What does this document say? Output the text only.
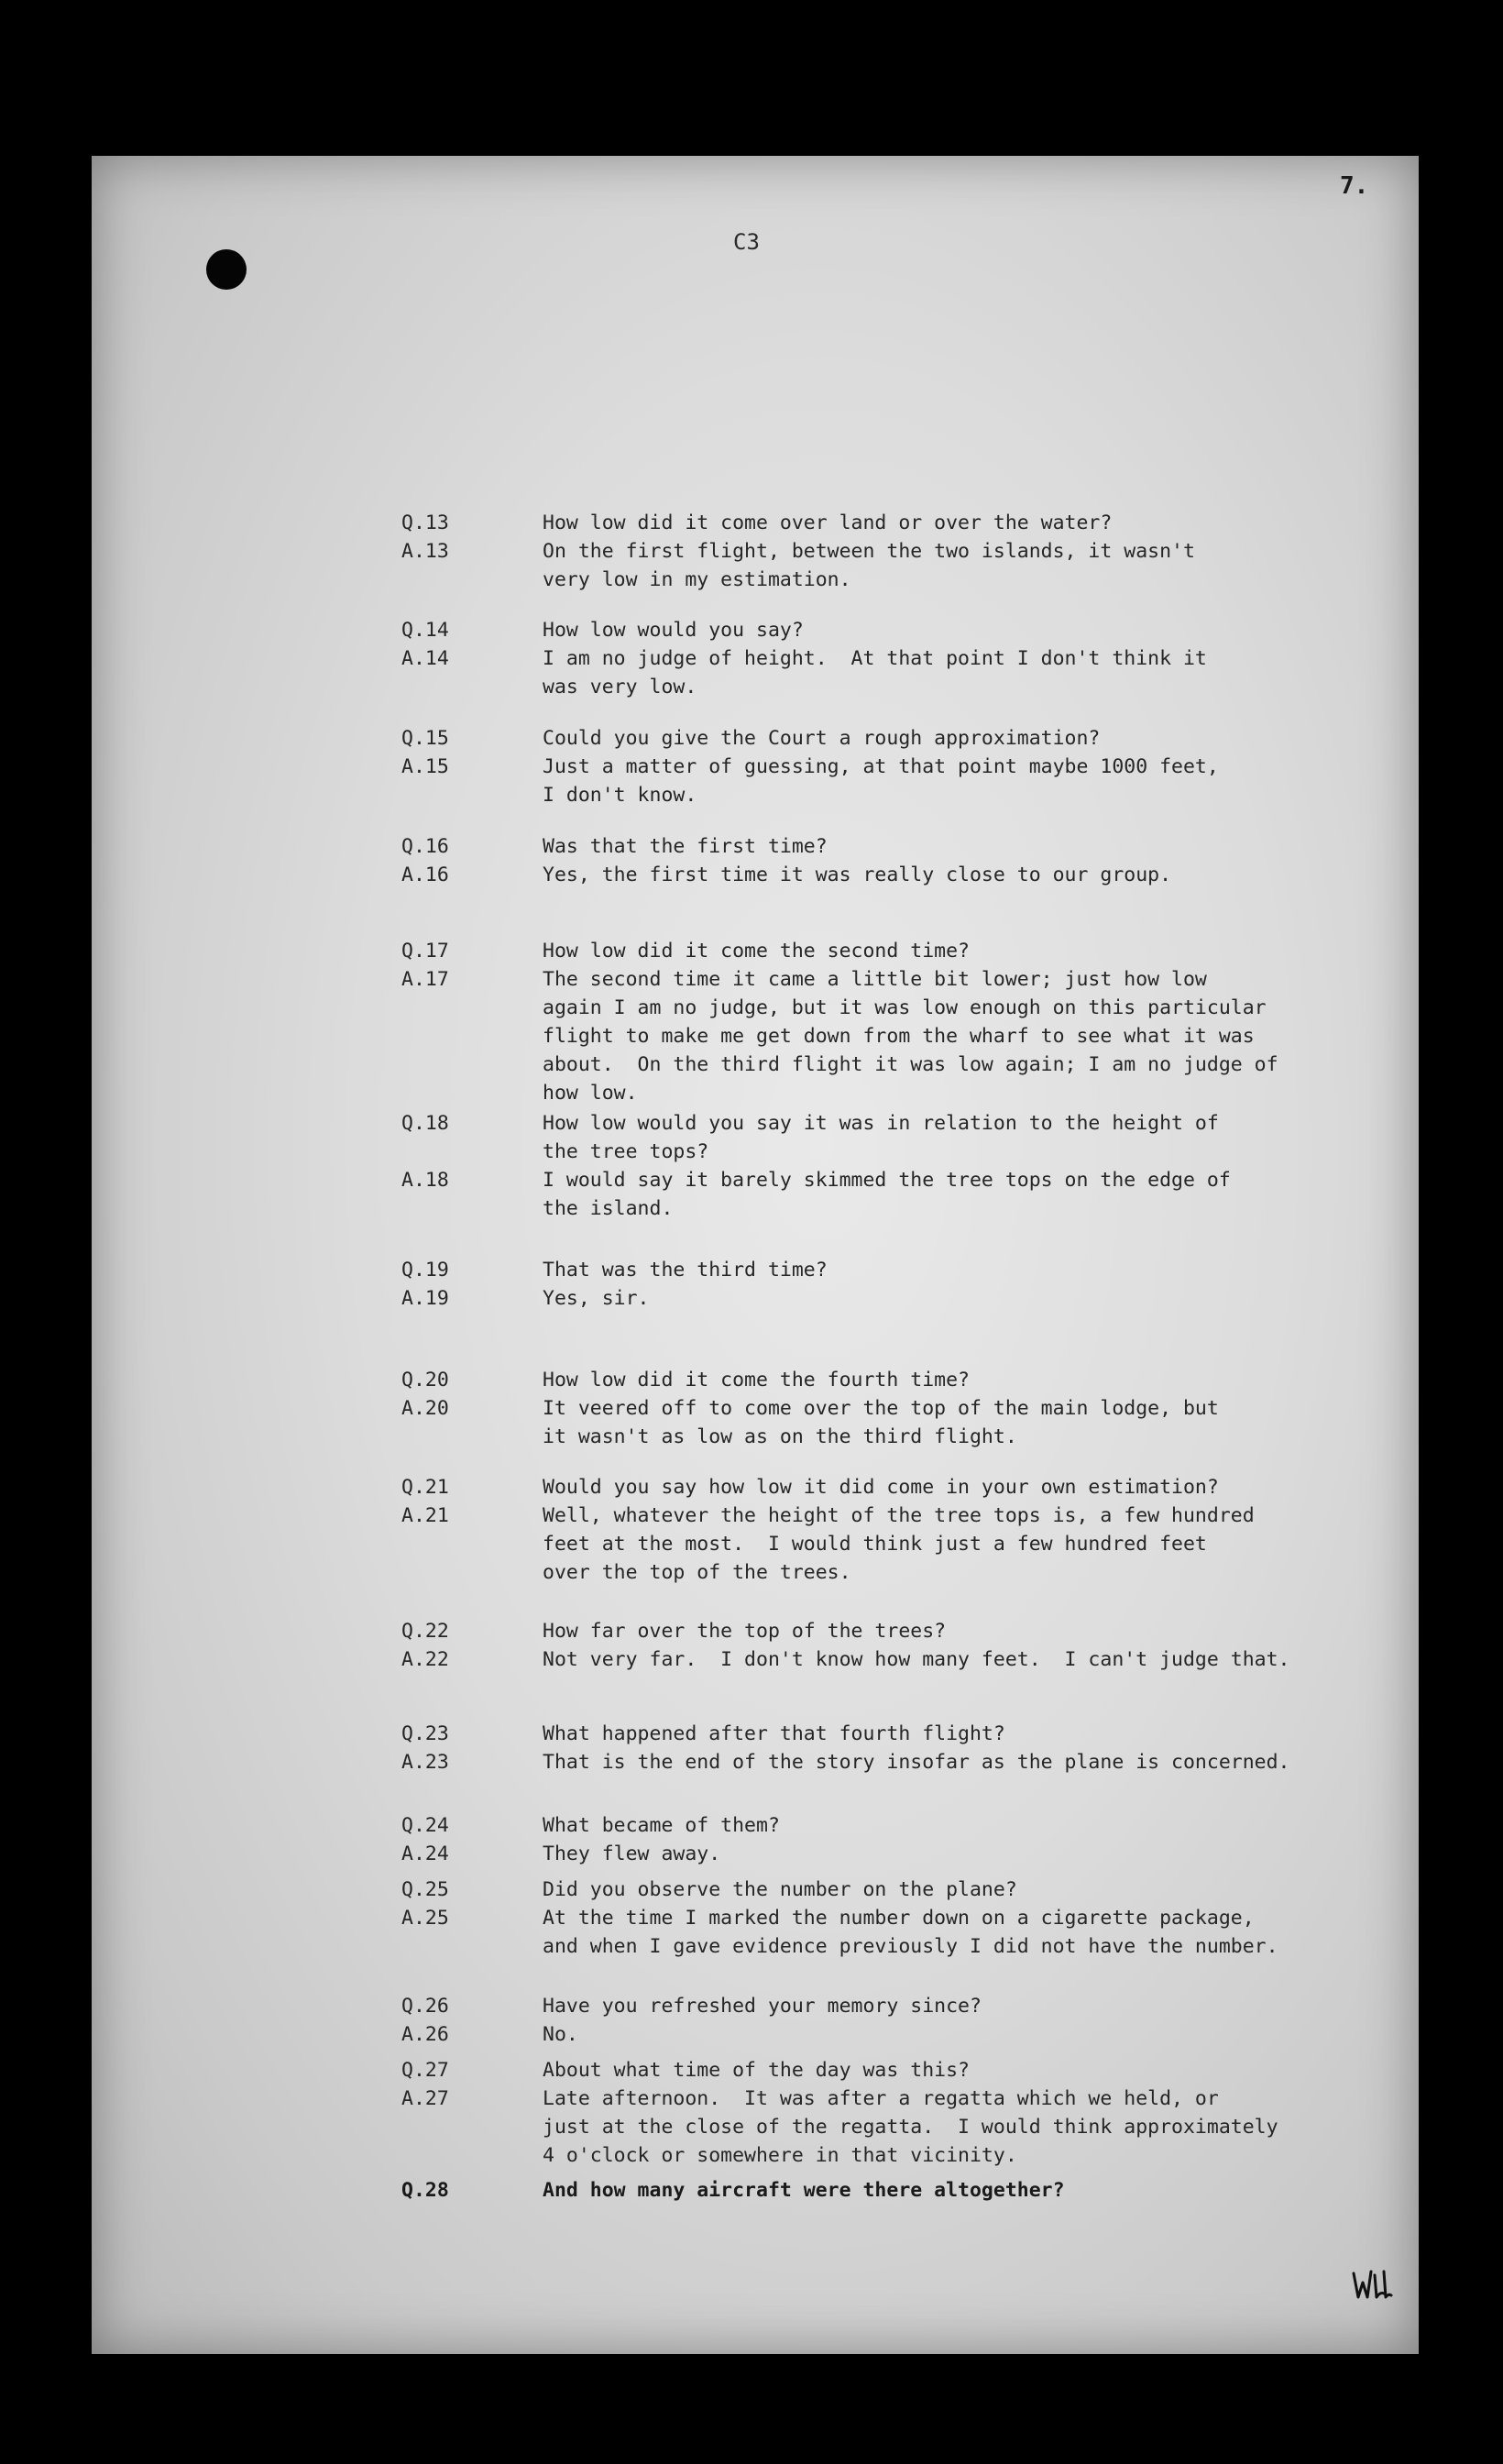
7.
C3
Q.13	How low did it come over land or over the water?
A.13	On the first flight, between the two islands, it wasn't
very low in my estimation.
Q.14	How low would you say?
A.14	I am no judge of height.  At that point I don't think it
was very low.
Q.15	Could you give the Court a rough approximation?
A.15	Just a matter of guessing, at that point maybe 1000 feet,
I don't know.
Q.16	Was that the first time?
A.16	Yes, the first time it was really close to our group.
Q.17	How low did it come the second time?
A.17	The second time it came a little bit lower; just how low
again I am no judge, but it was low enough on this particular
flight to make me get down from the wharf to see what it was
about.  On the third flight it was low again; I am no judge of
how low.
Q.18	How low would you say it was in relation to the height of
the tree tops?
A.18	I would say it barely skimmed the tree tops on the edge of
the island.
Q.19	That was the third time?
A.19	Yes, sir.
Q.20	How low did it come the fourth time?
A.20	It veered off to come over the top of the main lodge, but
it wasn't as low as on the third flight.
Q.21	Would you say how low it did come in your own estimation?
A.21	Well, whatever the height of the tree tops is, a few hundred
feet at the most.  I would think just a few hundred feet
over the top of the trees.
Q.22	How far over the top of the trees?
A.22	Not very far.  I don't know how many feet.  I can't judge that.
Q.23	What happened after that fourth flight?
A.23	That is the end of the story insofar as the plane is concerned.
Q.24	What became of them?
A.24	They flew away.
Q.25	Did you observe the number on the plane?
A.25	At the time I marked the number down on a cigarette package,
and when I gave evidence previously I did not have the number.
Q.26	Have you refreshed your memory since?
A.26	No.
Q.27	About what time of the day was this?
A.27	Late afternoon.  It was after a regatta which we held, or
just at the close of the regatta.  I would think approximately
4 o'clock or somewhere in that vicinity.
Q.28	And how many aircraft were there altogether?
